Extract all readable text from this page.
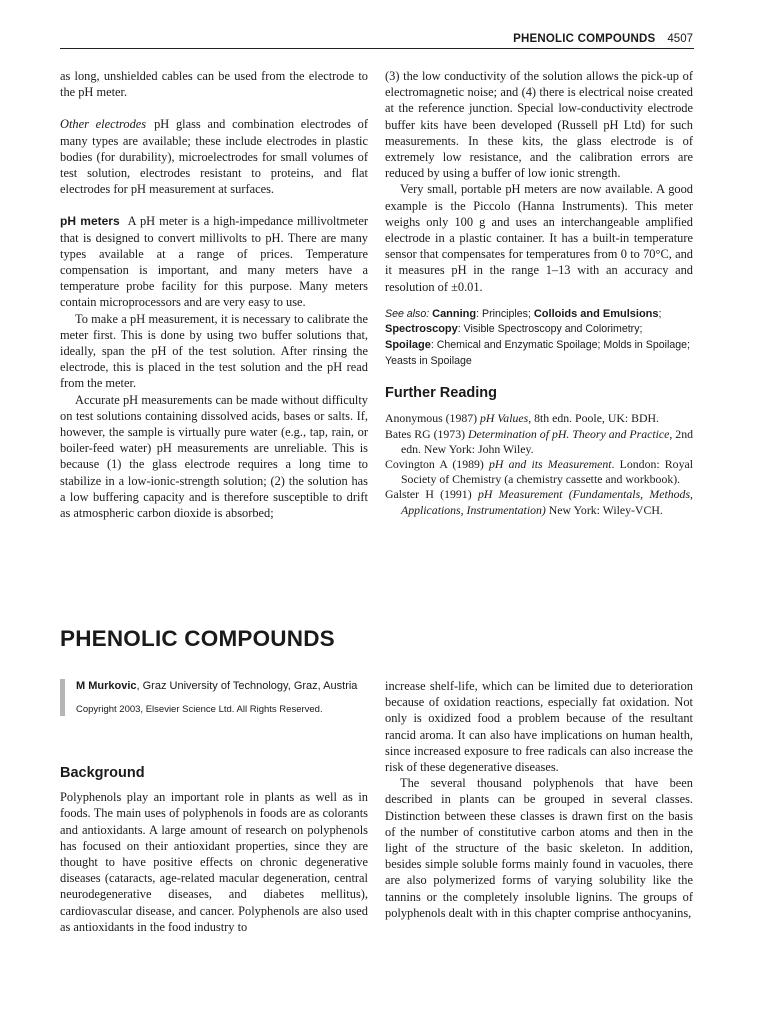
PHENOLIC COMPOUNDS 4507

as long, unshielded cables can be used from the electrode to the pH meter.

Other electrodes pH glass and combination electrodes of many types are available; these include electrodes in plastic bodies (for durability), microelectrodes for small volumes of test solution, electrodes resistant to proteins, and flat electrodes for pH measurement at surfaces.

pH meters A pH meter is a high-impedance millivoltmeter that is designed to convert millivolts to pH. There are many types available at a range of prices. Temperature compensation is important, and many meters have a temperature probe facility for this purpose. Many meters contain microprocessors and are very easy to use.

To make a pH measurement, it is necessary to calibrate the meter first. This is done by using two buffer solutions that, ideally, span the pH of the test solution. After rinsing the electrode, this is placed in the test solution and the pH read from the meter.

Accurate pH measurements can be made without difficulty on test solutions containing dissolved acids, bases or salts. If, however, the sample is virtually pure water (e.g., tap, rain, or boiler-feed water) pH measurements are unreliable. This is because (1) the glass electrode requires a long time to stabilize in a low-ionic-strength solution; (2) the solution has a low buffering capacity and is therefore susceptible to drift as atmospheric carbon dioxide is absorbed;

(3) the low conductivity of the solution allows the pick-up of electromagnetic noise; and (4) there is electrical noise created at the reference junction. Special low-conductivity electrode buffer kits have been developed (Russell pH Ltd) for such measurements. In these kits, the glass electrode is of extremely low resistance, and the calibration errors are reduced by using a buffer of low ionic strength.

Very small, portable pH meters are now available. A good example is the Piccolo (Hanna Instruments). This meter weighs only 100 g and uses an interchangeable amplified electrode in a plastic container. It has a built-in temperature sensor that compensates for temperatures from 0 to 70°C, and it measures pH in the range 1–13 with an accuracy and resolution of ±0.01.

See also: Canning: Principles; Colloids and Emulsions; Spectroscopy: Visible Spectroscopy and Colorimetry; Spoilage: Chemical and Enzymatic Spoilage; Molds in Spoilage; Yeasts in Spoilage
Further Reading

Anonymous (1987) pH Values, 8th edn. Poole, UK: BDH.

Bates RG (1973) Determination of pH. Theory and Practice, 2nd edn. New York: John Wiley.

Covington A (1989) pH and its Measurement. London: Royal Society of Chemistry (a chemistry cassette and workbook).

Galster H (1991) pH Measurement (Fundamentals, Methods, Applications, Instrumentation) New York: Wiley-VCH.

PHENOLIC COMPOUNDS
M Murkovic, Graz University of Technology, Graz, Austria
Copyright 2003, Elsevier Science Ltd. All Rights Reserved.
Background

Polyphenols play an important role in plants as well as in foods. The main uses of polyphenols in foods are as colorants and antioxidants. A large amount of research on polyphenols has focused on their antioxidant properties, since they are thought to have positive effects on chronic degenerative diseases (cataracts, age-related macular degeneration, central neurodegenerative diseases, and diabetes mellitus), cardiovascular disease, and cancer. Polyphenols are also used as antioxidants in the food industry to

increase shelf-life, which can be limited due to deterioration because of oxidation reactions, especially fat oxidation. Not only is oxidized food a problem because of the resultant rancid aroma. It can also have implications on human health, since increased exposure to free radicals can also increase the risk of these degenerative diseases.

The several thousand polyphenols that have been described in plants can be grouped in several classes. Distinction between these classes is drawn first on the basis of the number of constitutive carbon atoms and then in the light of the structure of the basic skeleton. In addition, besides simple soluble forms mainly found in vacuoles, there are also polymerized forms of varying solubility like the tannins or the completely insoluble lignins. The groups of polyphenols dealt with in this chapter comprise anthocyanins,
